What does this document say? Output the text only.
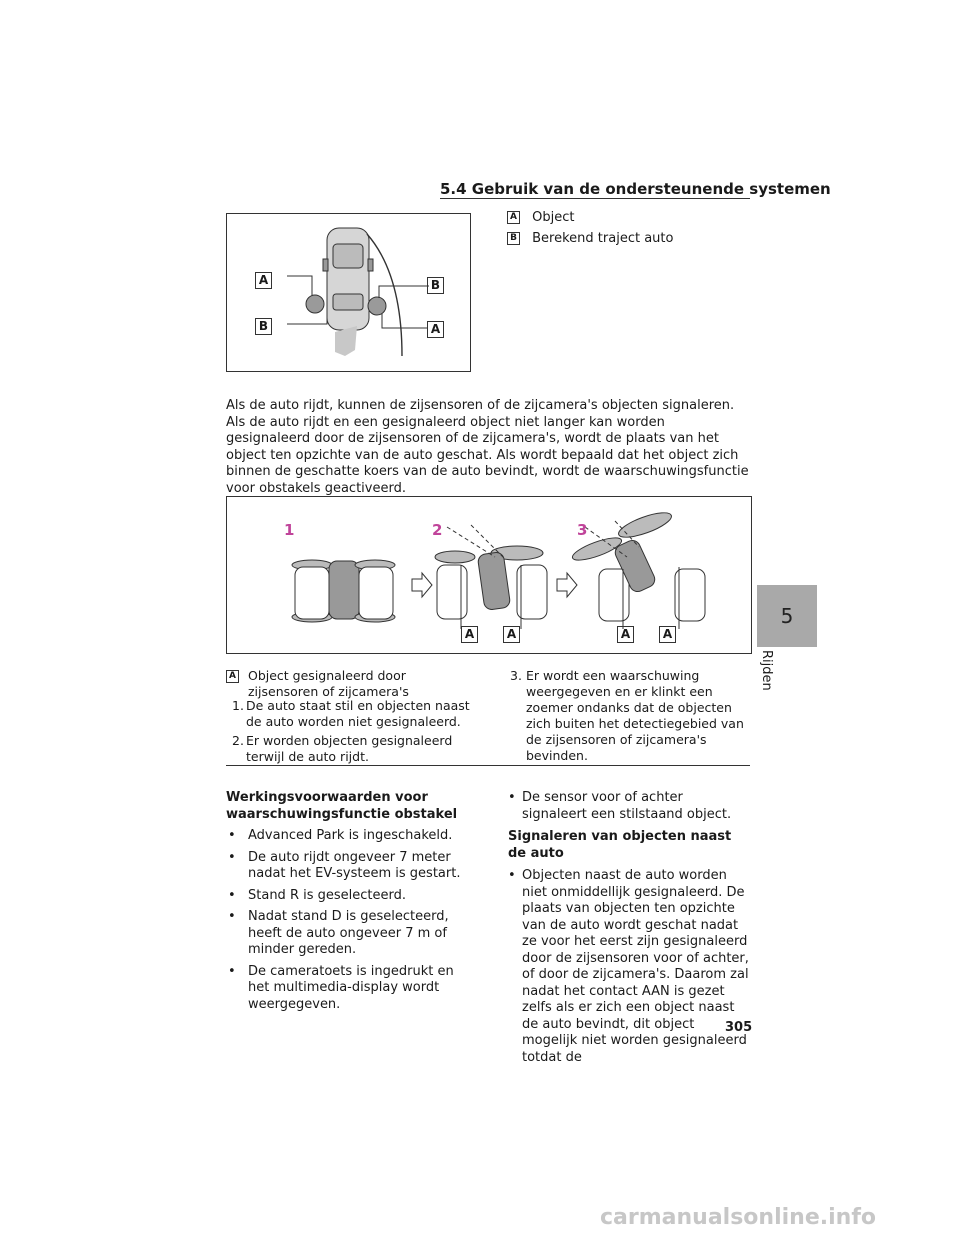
5.4 Gebruik van de ondersteunende systemen
5
Rijden
A	B
B	A
A Object
B Berekend traject auto
Als de auto rijdt, kunnen de zijsensoren of de zijcamera's objecten signaleren. Als de auto rijdt en een gesignaleerd object niet langer kan worden gesignaleerd door de zijsensoren of de zijcamera's, wordt de plaats van het object ten opzichte van de auto geschat. Als wordt bepaald dat het object zich binnen de geschatte koers van de auto bevindt, wordt de waarschuwingsfunctie voor obstakels geactiveerd.
1	2	3
A	A	A	A
A Object gesignaleerd door zijsensoren of zijcamera's
1. De auto staat stil en objecten naast de auto worden niet gesignaleerd.
2. Er worden objecten gesignaleerd terwijl de auto rijdt.
3. Er wordt een waarschuwing weergegeven en er klinkt een zoemer ondanks dat de objecten zich buiten het detectiegebied van de zijsensoren of zijcamera's bevinden.
Werkingsvoorwaarden voor waarschuwingsfunctie obstakel
• Advanced Park is ingeschakeld.
• De auto rijdt ongeveer 7 meter nadat het EV-systeem is gestart.
• Stand R is geselecteerd.
• Nadat stand D is geselecteerd, heeft de auto ongeveer 7 m of minder gereden.
• De cameratoets is ingedrukt en het multimedia-display wordt weergegeven.
• De sensor voor of achter signaleert een stilstaand object.
Signaleren van objecten naast de auto
• Objecten naast de auto worden niet onmiddellijk gesignaleerd. De plaats van objecten ten opzichte van de auto wordt geschat nadat ze voor het eerst zijn gesignaleerd door de zijsensoren voor of achter, of door de zijcamera's. Daarom zal nadat het contact AAN is gezet zelfs als er zich een object naast de auto bevindt, dit object mogelijk niet worden gesignaleerd totdat de
305
carmanualsonline.info
